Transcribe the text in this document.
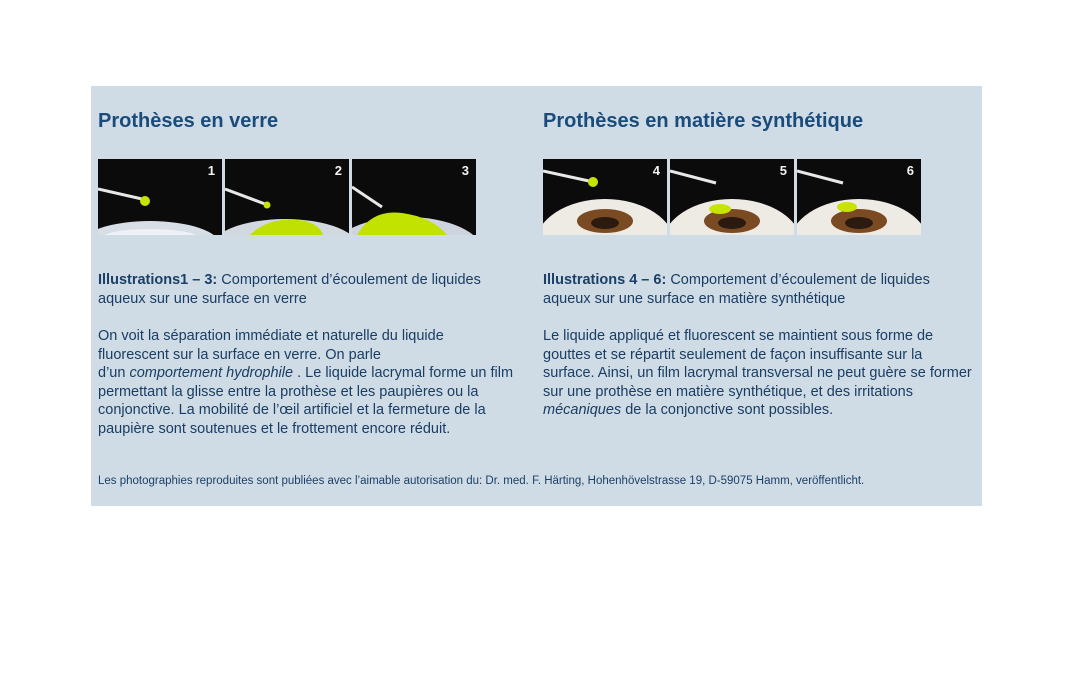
Prothèses en verre
1	2	3

Illustrations1 – 3: Comportement d’écoulement de liquides aqueux sur une surface en verre

On voit la séparation immédiate et naturelle du liquide

fluorescent sur la surface en verre. On parle

d’un comportement hydrophile . Le liquide lacrymal forme un film permettant la glisse entre la prothèse et les paupières ou la conjonctive. La mobilité de l’œil artificiel et la fermeture de la paupière sont soutenues et le frottement encore réduit.

Prothèses en matière synthétique
4	5	6

Illustrations 4 – 6: Comportement d’écoulement de liquides aqueux sur une surface en matière synthétique

Le liquide appliqué et fluorescent se maintient sous forme de gouttes et se répartit seulement de façon insuffisante sur la surface. Ainsi, un film lacrymal transversal ne peut guère se former sur une prothèse en matière synthétique, et des irritations mécaniques de la conjonctive sont possibles.

Les photographies reproduites sont publiées avec l’aimable autorisation du: Dr. med. F. Härting, Hohenhövelstrasse 19, D-59075 Hamm, veröffentlicht.
